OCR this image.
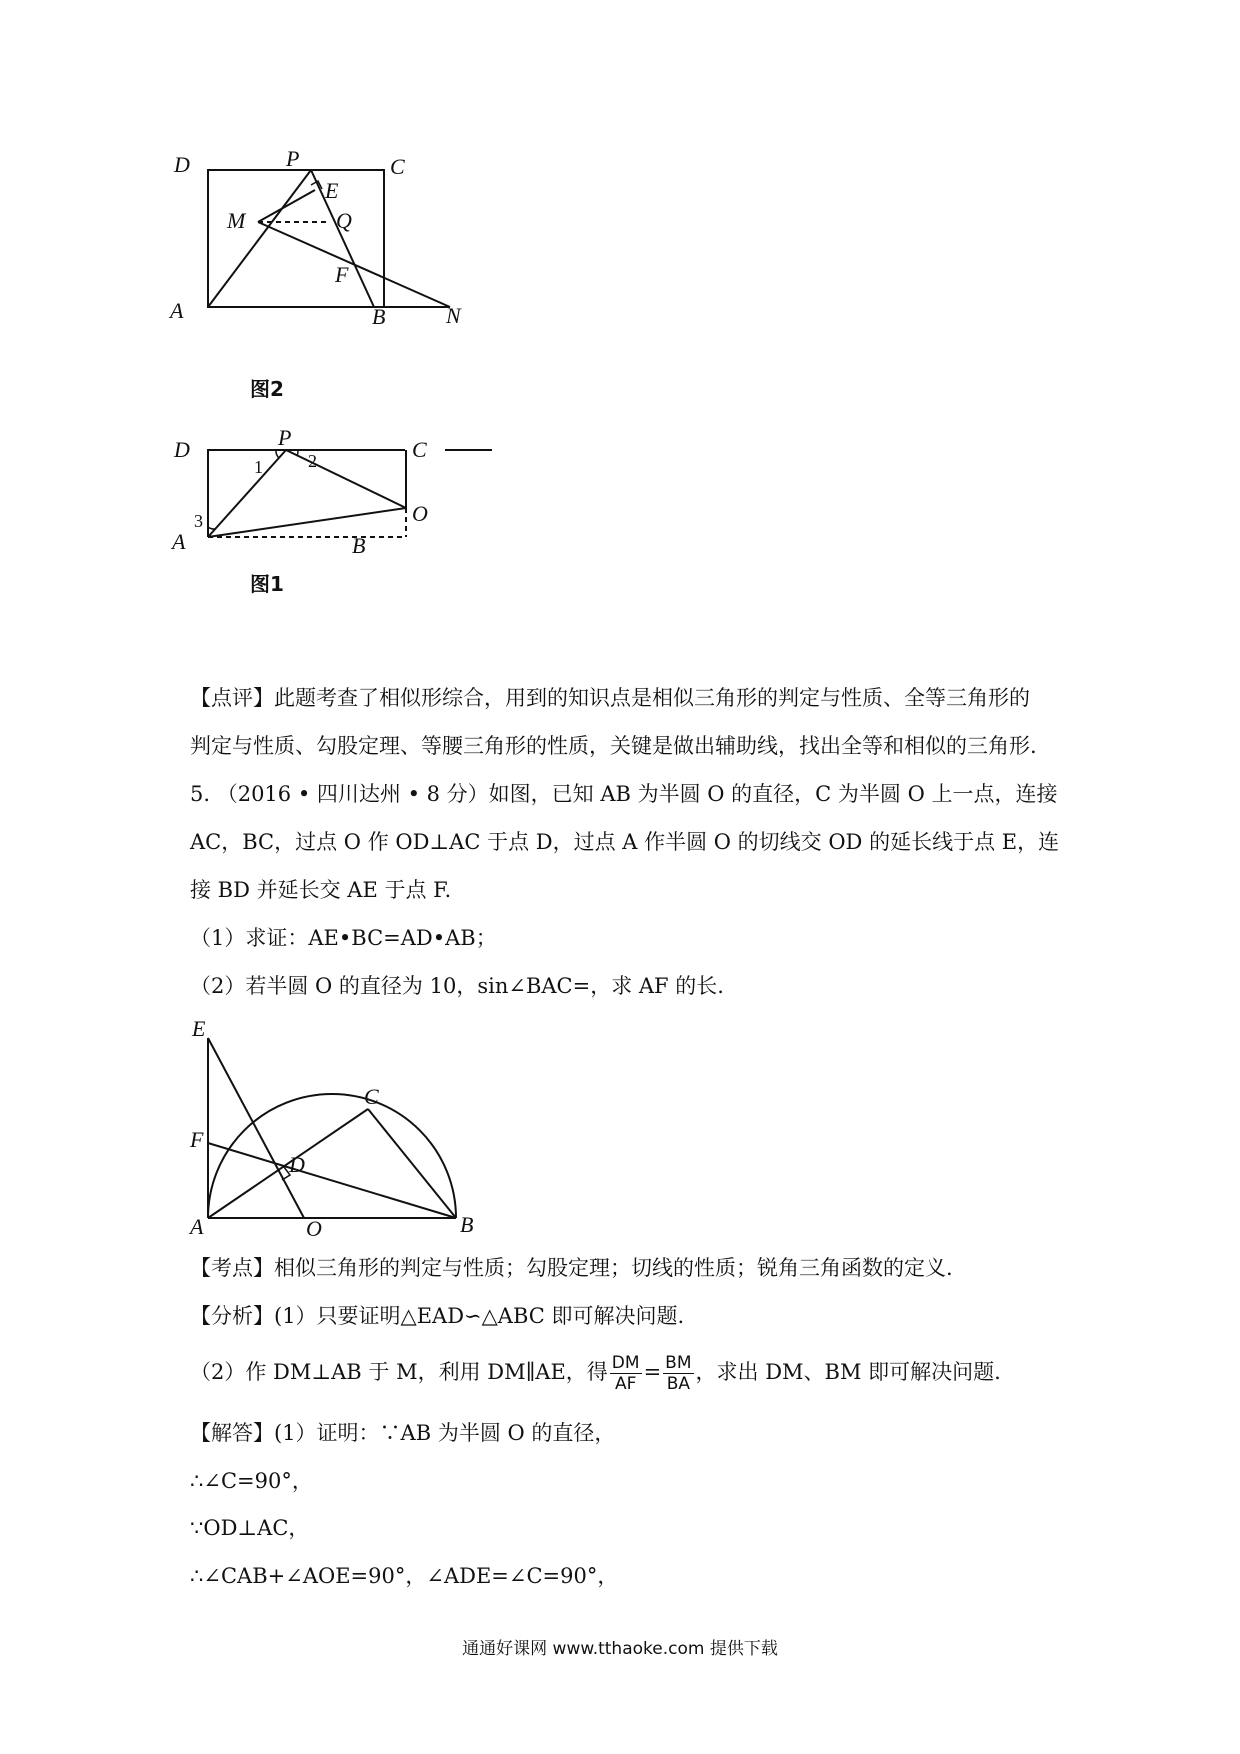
D	P	C
E
M	Q
F
A	B	N
图2
D	P	C
O
A
1	2
3
B
图1
【点评】此题考查了相似形综合，用到的知识点是相似三角形的判定与性质、全等三角形的
判定与性质、勾股定理、等腰三角形的性质，关键是做出辅助线，找出全等和相似的三角形.
5. （2016 • 四川达州 • 8 分）如图，已知 AB 为半圆 O 的直径，C 为半圆 O 上一点，连接
AC，BC，过点 O 作 OD⊥AC 于点 D，过点 A 作半圆 O 的切线交 OD 的延长线于点 E，连
接 BD 并延长交 AE 于点 F.
（1）求证：AE•BC=AD•AB；
（2）若半圆 O 的直径为 10，sin∠BAC=，求 AF 的长.
E
C
F
D
A	O	B
【考点】相似三角形的判定与性质；勾股定理；切线的性质；锐角三角函数的定义.
【分析】(1）只要证明△EAD∽△ABC 即可解决问题.
（2）作 DM⊥AB 于 M，利用 DM∥AE，得 $\frac{DM}{AF} = \frac{BM}{BA}$ ，求出 DM、BM 即可解决问题.
【解答】(1）证明：∵AB 为半圆 O 的直径，
∴∠C=90°，
∵OD⊥AC，
∴∠CAB+∠AOE=90°，∠ADE=∠C=90°，
通通好课网 www.tthaoke.com 提供下载
